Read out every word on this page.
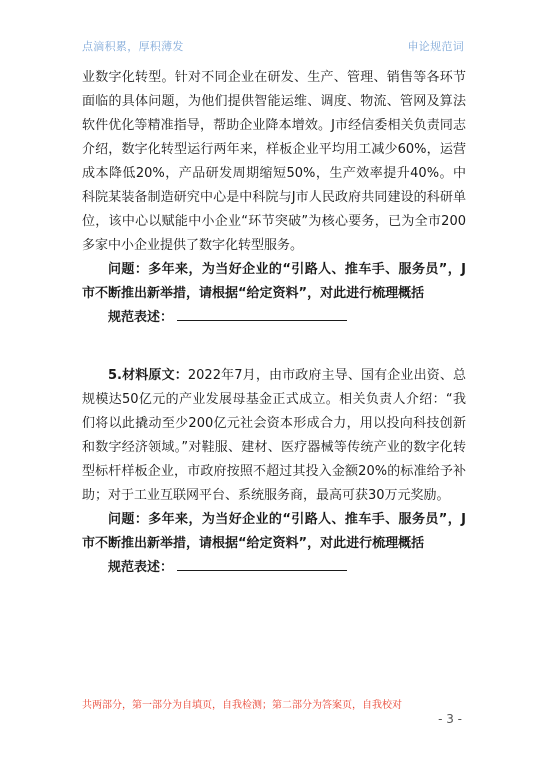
点滴积累，厚积薄发	申论规范词

业数字化转型。针对不同企业在研发、生产、管理、销售等各环节面临的具体问题，为他们提供智能运维、调度、物流、管网及算法软件优化等精准指导，帮助企业降本增效。J市经信委相关负责同志介绍，数字化转型运行两年来，样板企业平均用工减少60%，运营成本降低20%，产品研发周期缩短50%，生产效率提升40%。中科院某装备制造研究中心是中科院与J市人民政府共同建设的科研单位，该中心以赋能中小企业“环节突破”为核心要务，已为全市200多家中小企业提供了数字化转型服务。

问题：多年来，为当好企业的“引路人、推车手、服务员”，J市不断推出新举措，请根据“给定资料”，对此进行梳理概括

规范表述：

5.材料原文：2022年7月，由市政府主导、国有企业出资、总规模达50亿元的产业发展母基金正式成立。相关负责人介绍：“我们将以此撬动至少200亿元社会资本形成合力，用以投向科技创新和数字经济领域。”对鞋服、建材、医疗器械等传统产业的数字化转型标杆样板企业，市政府按照不超过其投入金额20%的标准给予补助；对于工业互联网平台、系统服务商，最高可获30万元奖励。

问题：多年来，为当好企业的“引路人、推车手、服务员”，J市不断推出新举措，请根据“给定资料”，对此进行梳理概括

规范表述：

共两部分，第一部分为自填页，自我检测；第二部分为答案页，自我校对
- 3 -
